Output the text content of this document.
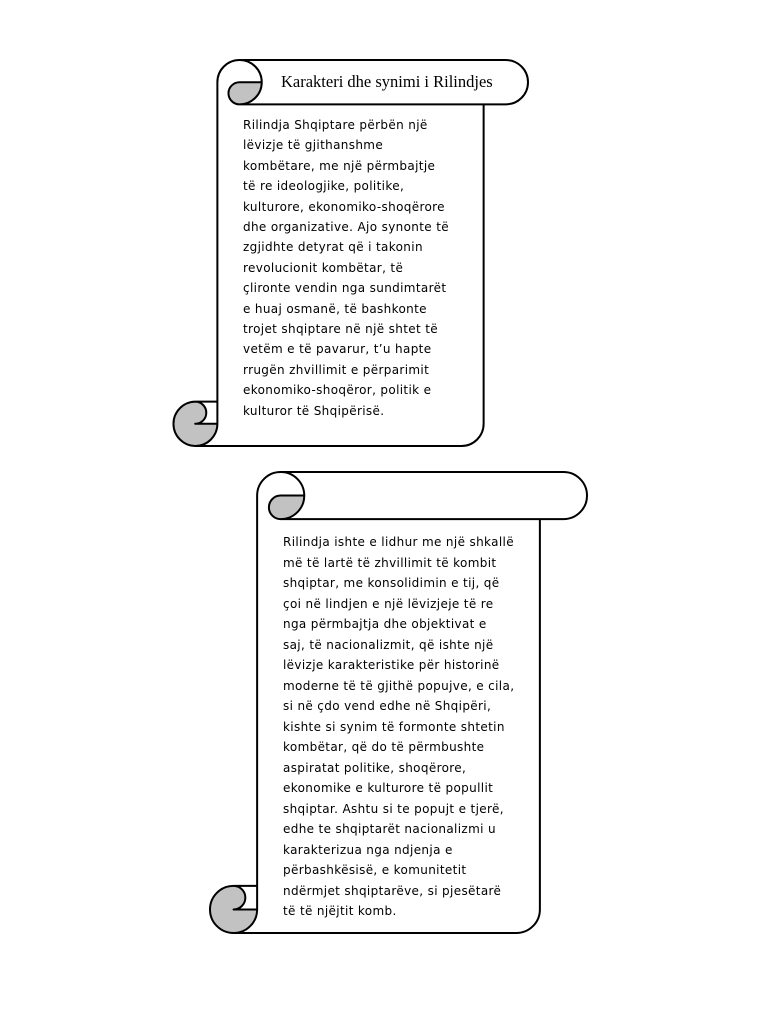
Karakteri dhe synimi i Rilindjes
Rilindja Shqiptare përbën një
lëvizje të gjithanshme
kombëtare, me një përmbajtje
të re ideologjike, politike,
kulturore, ekonomiko-shoqërore
dhe organizative. Ajo synonte të
zgjidhte detyrat që i takonin
revolucionit kombëtar, të
çlironte vendin nga sundimtarët
e huaj osmanë, të bashkonte
trojet shqiptare në një shtet të
vetëm e të pavarur, t’u hapte
rrugën zhvillimit e përparimit
ekonomiko-shoqëror, politik e
kulturor të Shqipërisë.
Rilindja ishte e lidhur me një shkallë
më të lartë të zhvillimit të kombit
shqiptar, me konsolidimin e tij, që
çoi në lindjen e një lëvizjeje të re
nga përmbajtja dhe objektivat e
saj, të nacionalizmit, që ishte një
lëvizje karakteristike për historinë
moderne të të gjithë popujve, e cila,
si në çdo vend edhe në Shqipëri,
kishte si synim të formonte shtetin
kombëtar, që do të përmbushte
aspiratat politike, shoqërore,
ekonomike e kulturore të popullit
shqiptar. Ashtu si te popujt e tjerë,
edhe te shqiptarët nacionalizmi u
karakterizua nga ndjenja e
përbashkësisë, e komunitetit
ndërmjet shqiptarëve, si pjesëtarë
të të njëjtit komb.
